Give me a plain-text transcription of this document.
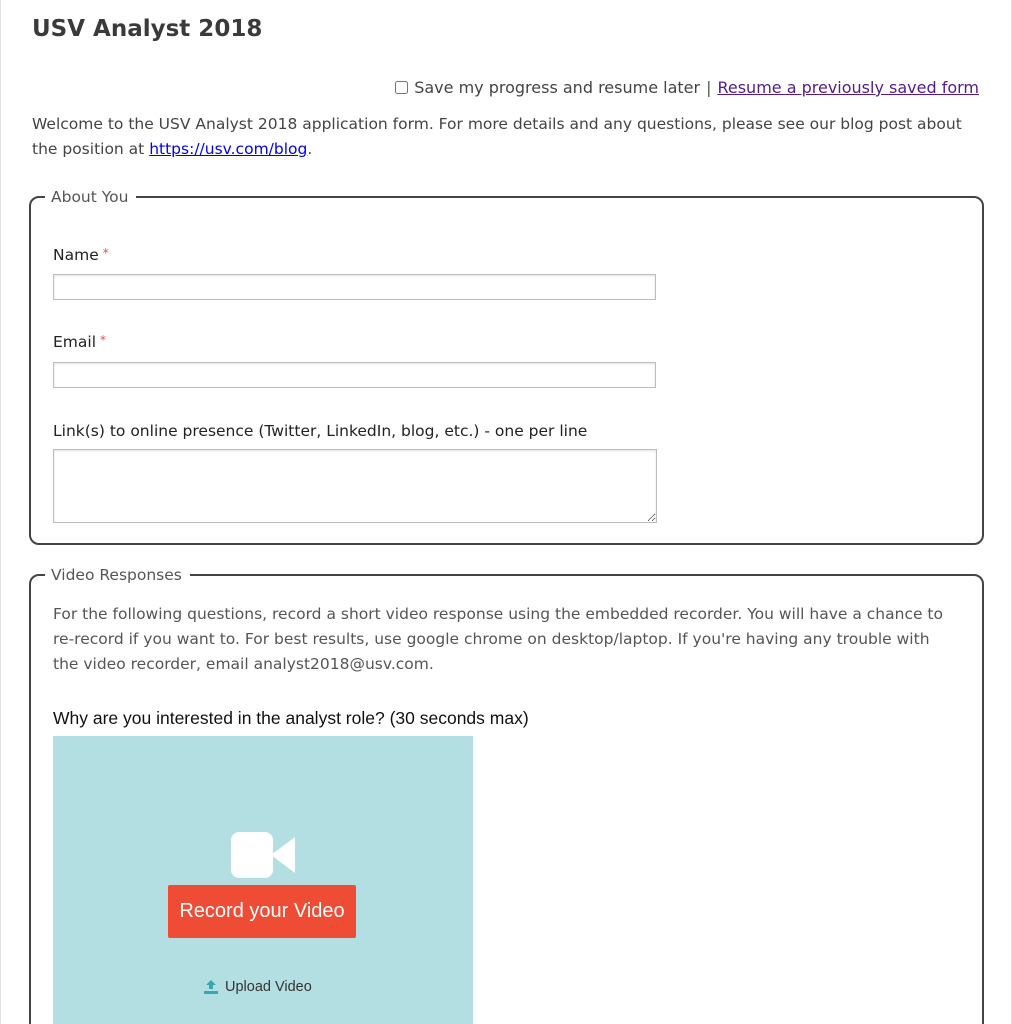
USV Analyst 2018
Save my progress and resume later | Resume a previously saved form
Welcome to the USV Analyst 2018 application form. For more details and any questions, please see our blog post about the position at https://usv.com/blog.
About You
Name *
Email *
Link(s) to online presence (Twitter, LinkedIn, blog, etc.) - one per line
Video Responses
For the following questions, record a short video response using the embedded recorder. You will have a chance to re-record if you want to. For best results, use google chrome on desktop/laptop. If you're having any trouble with the video recorder, email analyst2018@usv.com.
Why are you interested in the analyst role? (30 seconds max)
Record your Video
Upload Video
